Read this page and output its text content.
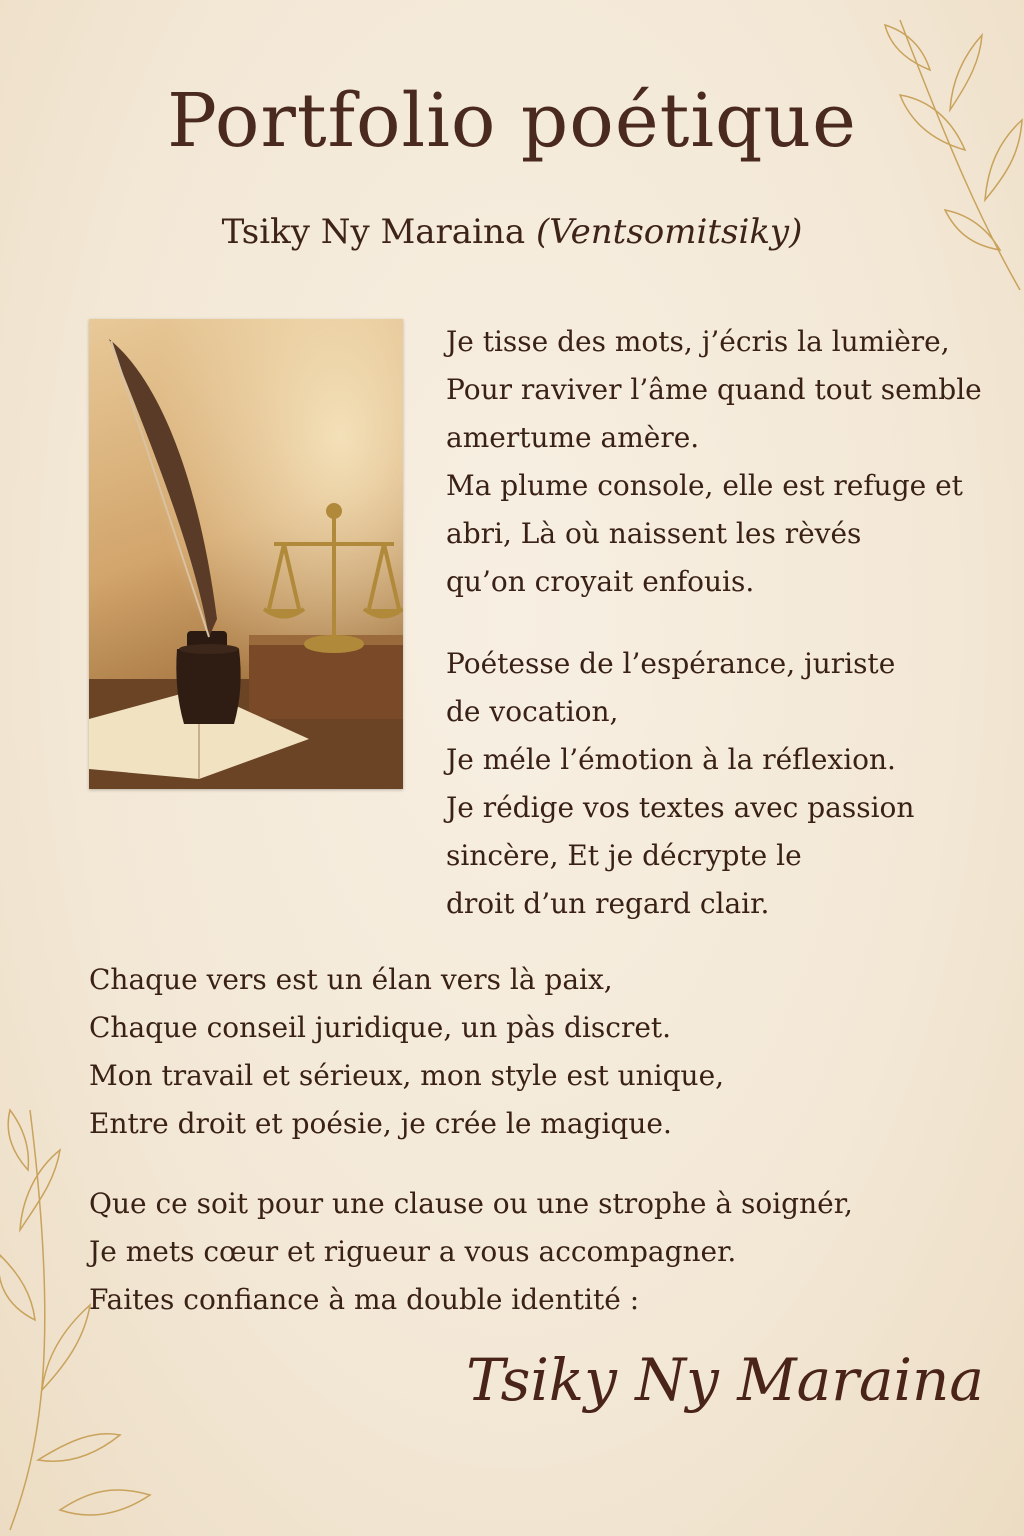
Portfolio poétique
Tsiky Ny Maraina (Ventsomitsiky)
Je tisse des mots, j’écris la lumière,
Pour raviver l’âme quand tout semble
amertume amère.
Ma plume console, elle est refuge et
abri, Là où naissent les rèvés
qu’on croyait enfouis.
Poétesse de l’espérance, juriste
de vocation,
Je méle l’émotion à la réflexion.
Je rédige vos textes avec passion
sincère, Et je décrypte le
droit d’un regard clair.
Chaque vers est un élan vers là paix,
Chaque conseil juridique, un pàs discret.
Mon travail et sérieux, mon style est unique,
Entre droit et poésie, je crée le magique.
Que ce soit pour une clause ou une strophe à soignér,
Je mets cœur et rigueur a vous accompagner.
Faites confiance à ma double identité :
Tsiky Ny Maraina
